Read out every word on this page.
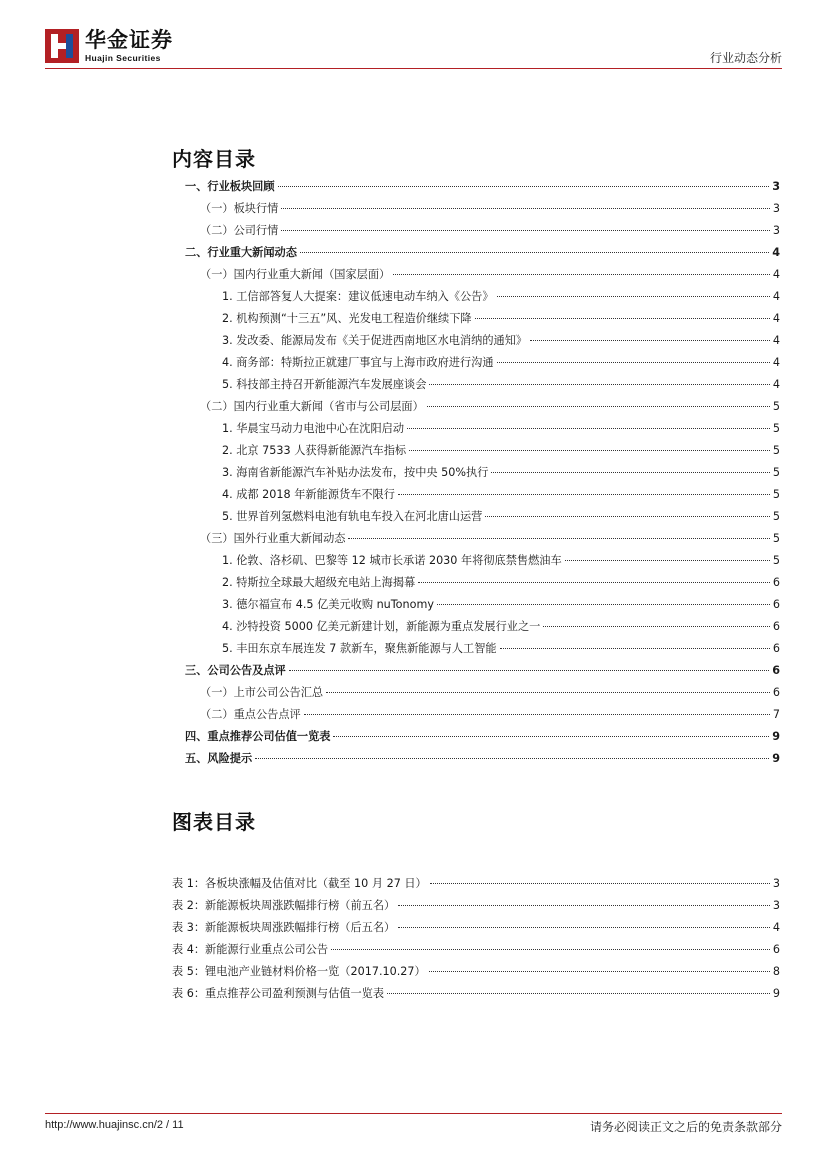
华金证券
Huajin Securities	行业动态分析
内容目录
一、行业板块回顾	3
（一）板块行情	3
（二）公司行情	3
二、行业重大新闻动态	4
（一）国内行业重大新闻（国家层面）	4
1. 工信部答复人大提案：建议低速电动车纳入《公告》	4
2. 机构预测“十三五”风、光发电工程造价继续下降	4
3. 发改委、能源局发布《关于促进西南地区水电消纳的通知》	4
4. 商务部：特斯拉正就建厂事宜与上海市政府进行沟通	4
5. 科技部主持召开新能源汽车发展座谈会	4
（二）国内行业重大新闻（省市与公司层面）	5
1. 华晨宝马动力电池中心在沈阳启动	5
2. 北京 7533 人获得新能源汽车指标	5
3. 海南省新能源汽车补贴办法发布，按中央 50%执行	5
4. 成都 2018 年新能源货车不限行	5
5. 世界首列氢燃料电池有轨电车投入在河北唐山运营	5
（三）国外行业重大新闻动态	5
1. 伦敦、洛杉矶、巴黎等 12 城市长承诺 2030 年将彻底禁售燃油车	5
2. 特斯拉全球最大超级充电站上海揭幕	6
3. 德尔福宣布 4.5 亿美元收购 nuTonomy	6
4. 沙特投资 5000 亿美元新建计划，新能源为重点发展行业之一	6
5. 丰田东京车展连发 7 款新车，聚焦新能源与人工智能	6
三、公司公告及点评	6
（一）上市公司公告汇总	6
（二）重点公告点评	7
四、重点推荐公司估值一览表	9
五、风险提示	9
图表目录
表 1：各板块涨幅及估值对比（截至 10 月 27 日）	3
表 2：新能源板块周涨跌幅排行榜（前五名）	3
表 3：新能源板块周涨跌幅排行榜（后五名）	4
表 4：新能源行业重点公司公告	6
表 5：锂电池产业链材料价格一览（2017.10.27）	8
表 6：重点推荐公司盈利预测与估值一览表	9
http://www.huajinsc.cn/2 / 11	请务必阅读正文之后的免责条款部分
